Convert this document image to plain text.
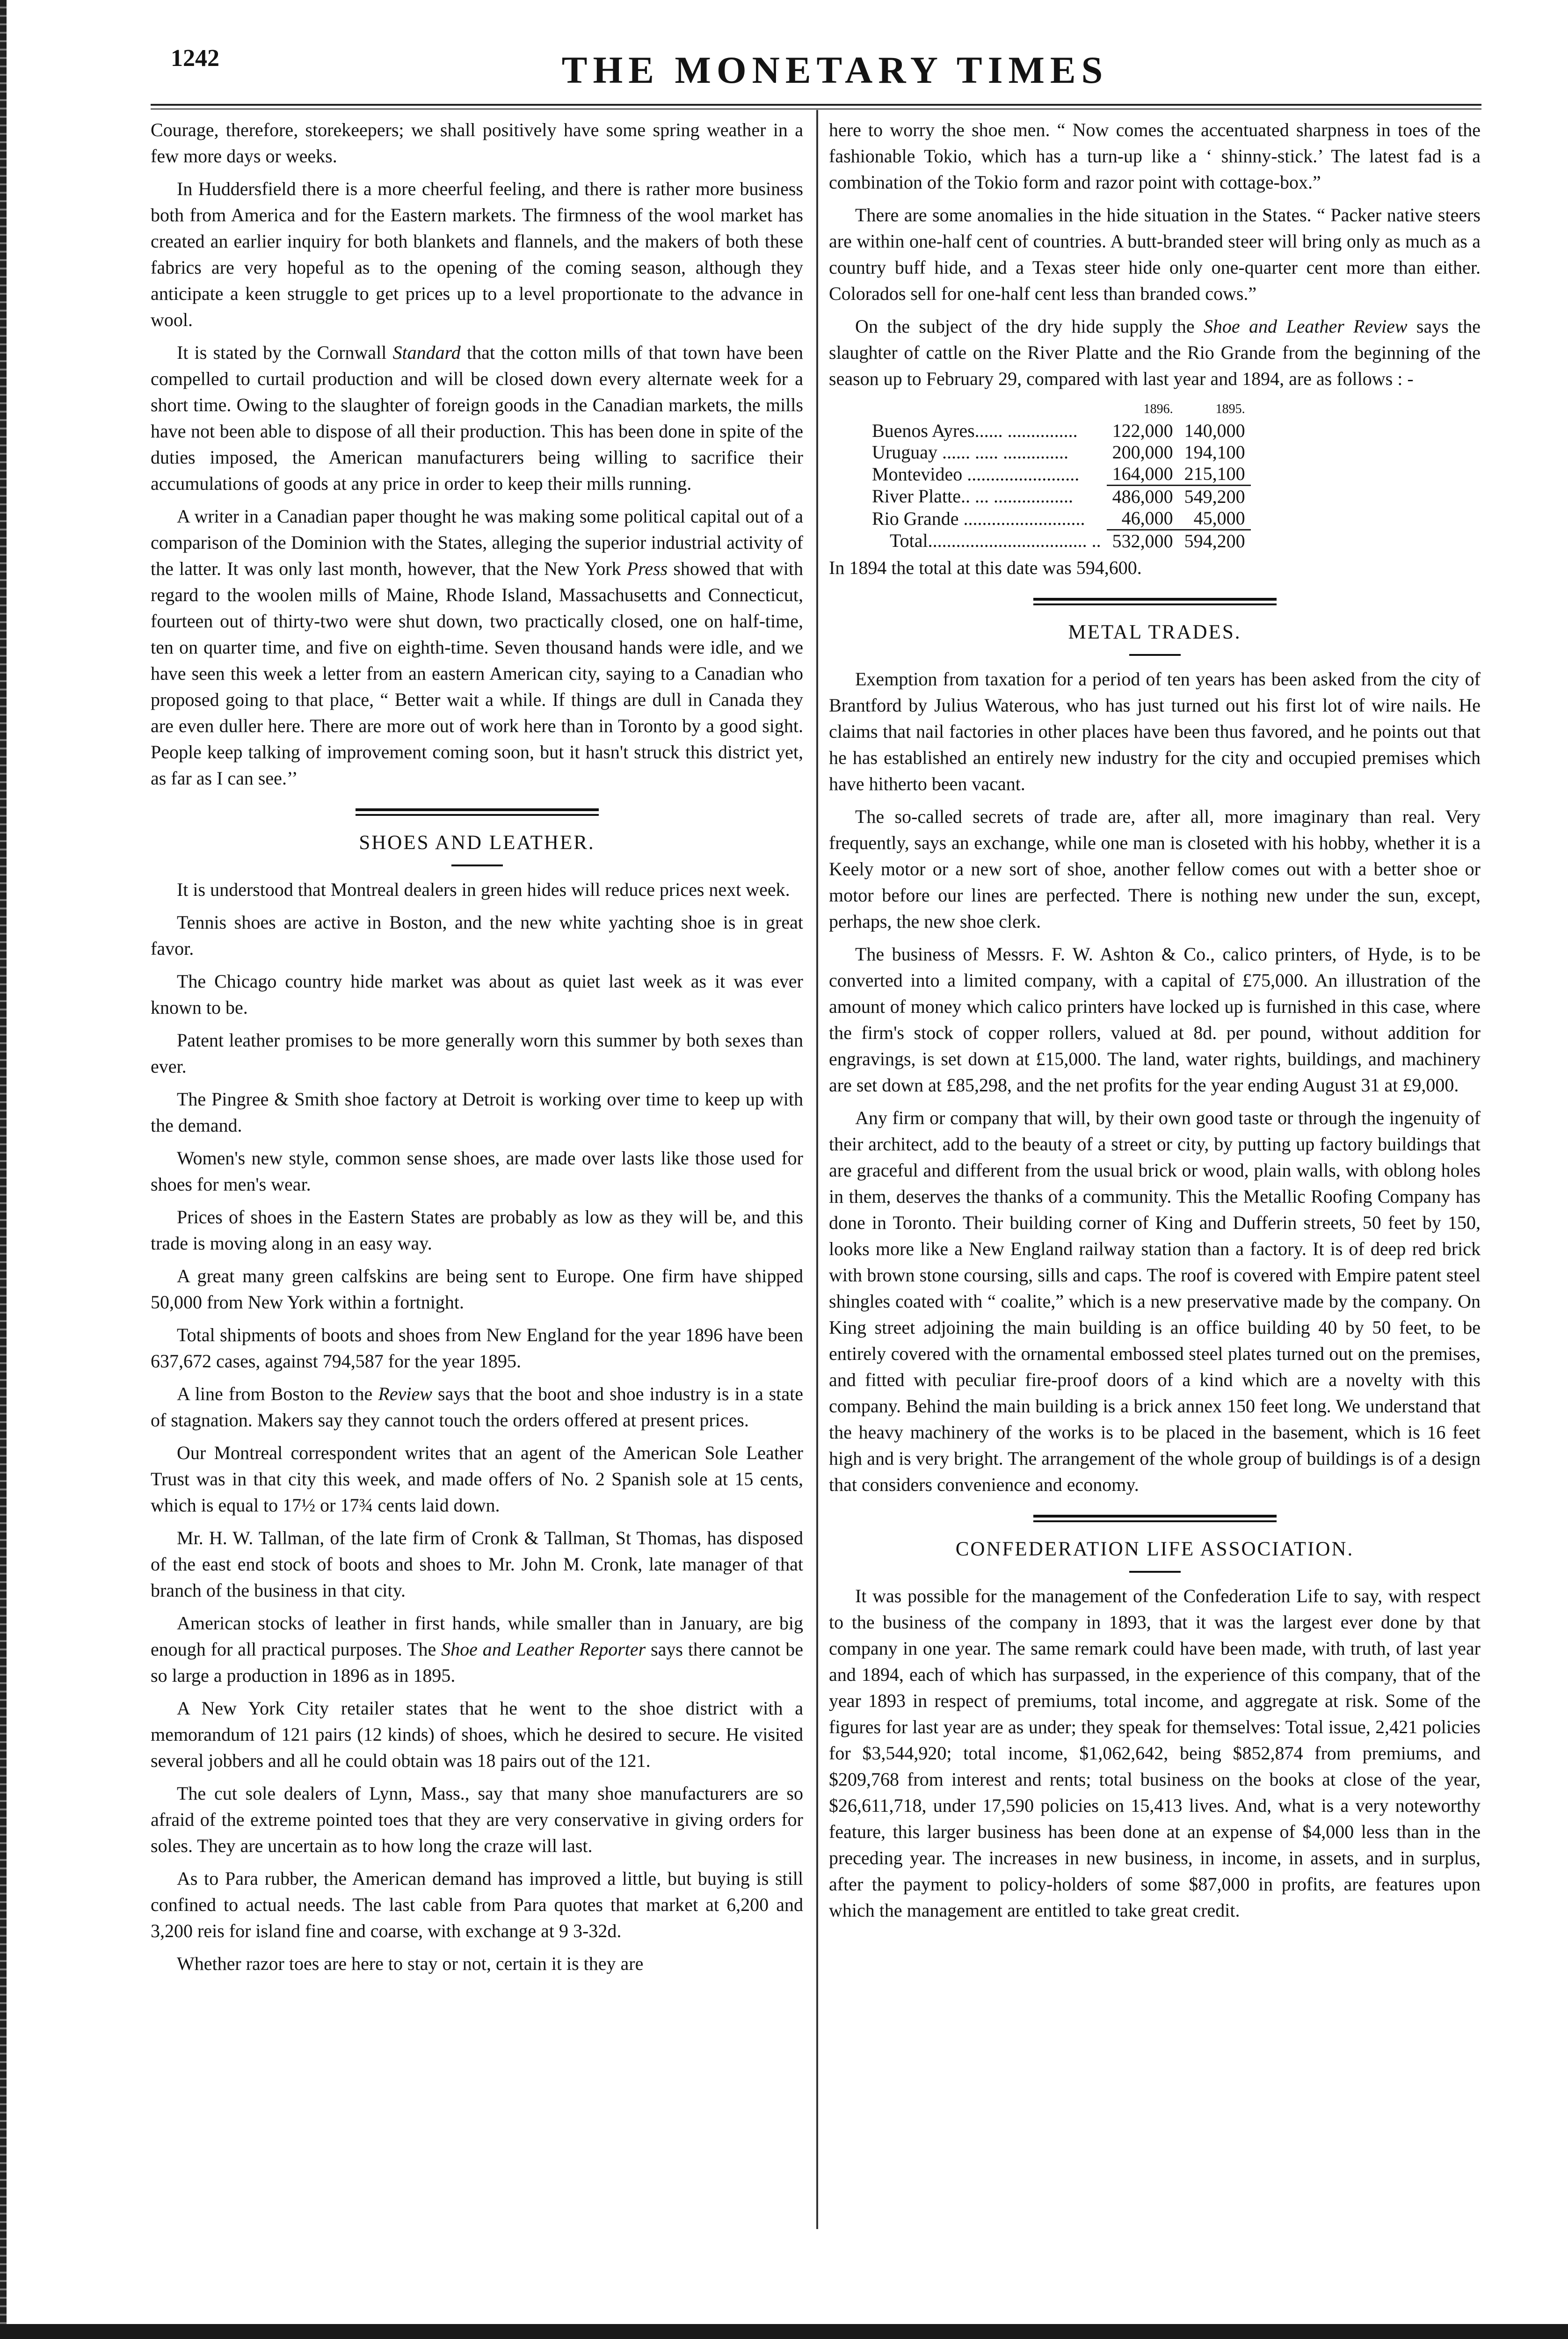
1242	THE MONETARY TIMES

Courage, therefore, storekeepers; we shall positively have some spring weather in a few more days or weeks.

In Huddersfield there is a more cheerful feeling, and there is rather more business both from America and for the Eastern markets. The firmness of the wool market has created an earlier inquiry for both blankets and flannels, and the makers of both these fabrics are very hopeful as to the opening of the coming season, although they anticipate a keen struggle to get prices up to a level proportionate to the advance in wool.

It is stated by the Cornwall Standard that the cotton mills of that town have been compelled to curtail production and will be closed down every alternate week for a short time. Owing to the slaughter of foreign goods in the Canadian markets, the mills have not been able to dispose of all their production. This has been done in spite of the duties imposed, the American manufacturers being willing to sacrifice their accumulations of goods at any price in order to keep their mills running.

A writer in a Canadian paper thought he was making some political capital out of a comparison of the Dominion with the States, alleging the superior industrial activity of the latter. It was only last month, however, that the New York Press showed that with regard to the woolen mills of Maine, Rhode Island, Massachusetts and Connecticut, fourteen out of thirty-two were shut down, two practically closed, one on half-time, ten on quarter time, and five on eighth-time. Seven thousand hands were idle, and we have seen this week a letter from an eastern American city, saying to a Canadian who proposed going to that place, “ Better wait a while. If things are dull in Canada they are even duller here. There are more out of work here than in Toronto by a good sight. People keep talking of improvement coming soon, but it hasn't struck this district yet, as far as I can see.’’

SHOES AND LEATHER.

It is understood that Montreal dealers in green hides will reduce prices next week.

Tennis shoes are active in Boston, and the new white yachting shoe is in great favor.

The Chicago country hide market was about as quiet last week as it was ever known to be.

Patent leather promises to be more generally worn this summer by both sexes than ever.

The Pingree & Smith shoe factory at Detroit is working over time to keep up with the demand.

Women's new style, common sense shoes, are made over lasts like those used for shoes for men's wear.

Prices of shoes in the Eastern States are probably as low as they will be, and this trade is moving along in an easy way.

A great many green calfskins are being sent to Europe. One firm have shipped 50,000 from New York within a fortnight.

Total shipments of boots and shoes from New England for the year 1896 have been 637,672 cases, against 794,587 for the year 1895.

A line from Boston to the Review says that the boot and shoe industry is in a state of stagnation. Makers say they cannot touch the orders offered at present prices.

Our Montreal correspondent writes that an agent of the American Sole Leather Trust was in that city this week, and made offers of No. 2 Spanish sole at 15 cents, which is equal to 17½ or 17¾ cents laid down.

Mr. H. W. Tallman, of the late firm of Cronk & Tallman, St Thomas, has disposed of the east end stock of boots and shoes to Mr. John M. Cronk, late manager of that branch of the business in that city.

American stocks of leather in first hands, while smaller than in January, are big enough for all practical purposes. The Shoe and Leather Reporter says there cannot be so large a production in 1896 as in 1895.

A New York City retailer states that he went to the shoe district with a memorandum of 121 pairs (12 kinds) of shoes, which he desired to secure. He visited several jobbers and all he could obtain was 18 pairs out of the 121.

The cut sole dealers of Lynn, Mass., say that many shoe manufacturers are so afraid of the extreme pointed toes that they are very conservative in giving orders for soles. They are uncertain as to how long the craze will last.

As to Para rubber, the American demand has improved a little, but buying is still confined to actual needs. The last cable from Para quotes that market at 6,200 and 3,200 reis for island fine and coarse, with exchange at 9 3-32d.

Whether razor toes are here to stay or not, certain it is they are

here to worry the shoe men. “ Now comes the accentuated sharpness in toes of the fashionable Tokio, which has a turn-up like a ‘ shinny-stick.’ The latest fad is a combination of the Tokio form and razor point with cottage-box.”

There are some anomalies in the hide situation in the States. “ Packer native steers are within one-half cent of countries. A butt-branded steer will bring only as much as a country buff hide, and a Texas steer hide only one-quarter cent more than either. Colorados sell for one-half cent less than branded cows.”

On the subject of the dry hide supply the Shoe and Leather Review says the slaughter of cattle on the River Platte and the Rio Grande from the beginning of the season up to February 29, compared with last year and 1894, are as follows : -

	1896.	1895.
Buenos Ayres...... ...............	122,000	140,000
Uruguay ...... ..... ..............	200,000	194,100
Montevideo ........................	164,000	215,100
River Platte.. ... .................	486,000	549,200
Rio Grande ..........................	46,000	45,000
Total.................................. ..	532,000	594,200

In 1894 the total at this date was 594,600.

METAL TRADES.

Exemption from taxation for a period of ten years has been asked from the city of Brantford by Julius Waterous, who has just turned out his first lot of wire nails. He claims that nail factories in other places have been thus favored, and he points out that he has established an entirely new industry for the city and occupied premises which have hitherto been vacant.

The so-called secrets of trade are, after all, more imaginary than real. Very frequently, says an exchange, while one man is closeted with his hobby, whether it is a Keely motor or a new sort of shoe, another fellow comes out with a better shoe or motor before our lines are perfected. There is nothing new under the sun, except, perhaps, the new shoe clerk.

The business of Messrs. F. W. Ashton & Co., calico printers, of Hyde, is to be converted into a limited company, with a capital of £75,000. An illustration of the amount of money which calico printers have locked up is furnished in this case, where the firm's stock of copper rollers, valued at 8d. per pound, without addition for engravings, is set down at £15,000. The land, water rights, buildings, and machinery are set down at £85,298, and the net profits for the year ending August 31 at £9,000.

Any firm or company that will, by their own good taste or through the ingenuity of their architect, add to the beauty of a street or city, by putting up factory buildings that are graceful and different from the usual brick or wood, plain walls, with oblong holes in them, deserves the thanks of a community. This the Metallic Roofing Company has done in Toronto. Their building corner of King and Dufferin streets, 50 feet by 150, looks more like a New England railway station than a factory. It is of deep red brick with brown stone coursing, sills and caps. The roof is covered with Empire patent steel shingles coated with “ coalite,” which is a new preservative made by the company. On King street adjoining the main building is an office building 40 by 50 feet, to be entirely covered with the ornamental embossed steel plates turned out on the premises, and fitted with peculiar fire-proof doors of a kind which are a novelty with this company. Behind the main building is a brick annex 150 feet long. We understand that the heavy machinery of the works is to be placed in the basement, which is 16 feet high and is very bright. The arrangement of the whole group of buildings is of a design that considers convenience and economy.

CONFEDERATION LIFE ASSOCIATION.

It was possible for the management of the Confederation Life to say, with respect to the business of the company in 1893, that it was the largest ever done by that company in one year. The same remark could have been made, with truth, of last year and 1894, each of which has surpassed, in the experience of this company, that of the year 1893 in respect of premiums, total income, and aggregate at risk. Some of the figures for last year are as under; they speak for themselves: Total issue, 2,421 policies for $3,544,920; total income, $1,062,642, being $852,874 from premiums, and $209,768 from interest and rents; total business on the books at close of the year, $26,611,718, under 17,590 policies on 15,413 lives. And, what is a very noteworthy feature, this larger business has been done at an expense of $4,000 less than in the preceding year. The increases in new business, in income, in assets, and in surplus, after the payment to policy-holders of some $87,000 in profits, are features upon which the management are entitled to take great credit.
